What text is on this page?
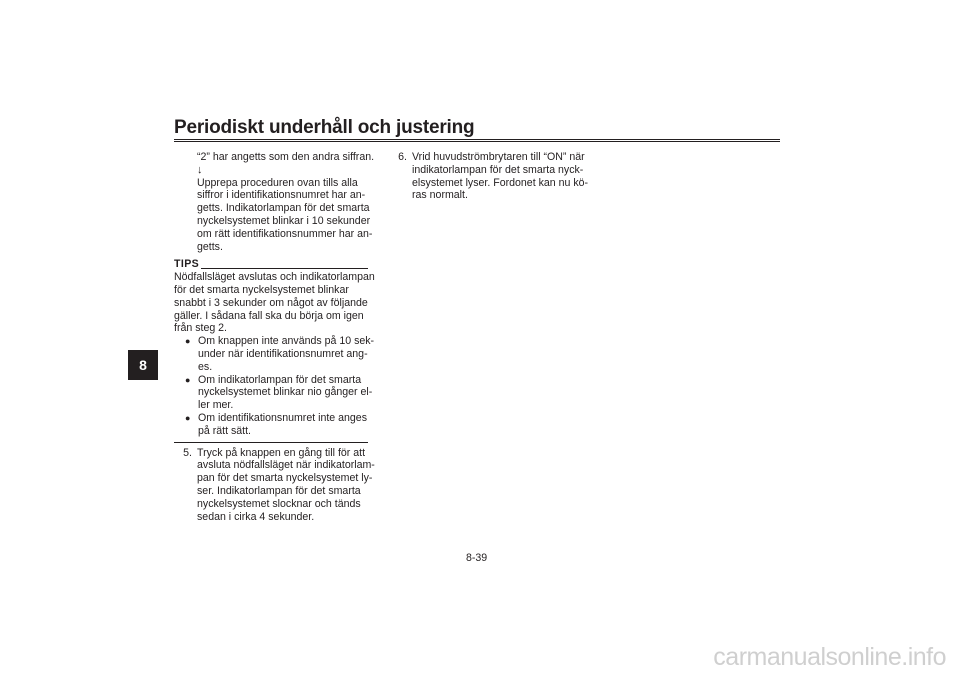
Periodiskt underhåll och justering
8
“2” har angetts som den andra siffran.
↓
Upprepa proceduren ovan tills alla
siffror i identifikationsnumret har an-
getts. Indikatorlampan för det smarta
nyckelsystemet blinkar i 10 sekunder
om rätt identifikationsnummer har an-
getts.
TIPS
Nödfallsläget avslutas och indikatorlampan
för det smarta nyckelsystemet blinkar
snabbt i 3 sekunder om något av följande
gäller. I sådana fall ska du börja om igen
från steg 2.
● Om knappen inte används på 10 sek-
under när identifikationsnumret ang-
es.
● Om indikatorlampan för det smarta
nyckelsystemet blinkar nio gånger el-
ler mer.
● Om identifikationsnumret inte anges
på rätt sätt.
5. Tryck på knappen en gång till för att
avsluta nödfallsläget när indikatorlam-
pan för det smarta nyckelsystemet ly-
ser. Indikatorlampan för det smarta
nyckelsystemet slocknar och tänds
sedan i cirka 4 sekunder.
6. Vrid huvudströmbrytaren till “ON” när
indikatorlampan för det smarta nyck-
elsystemet lyser. Fordonet kan nu kö-
ras normalt.
8-39
carmanualsonline.info
